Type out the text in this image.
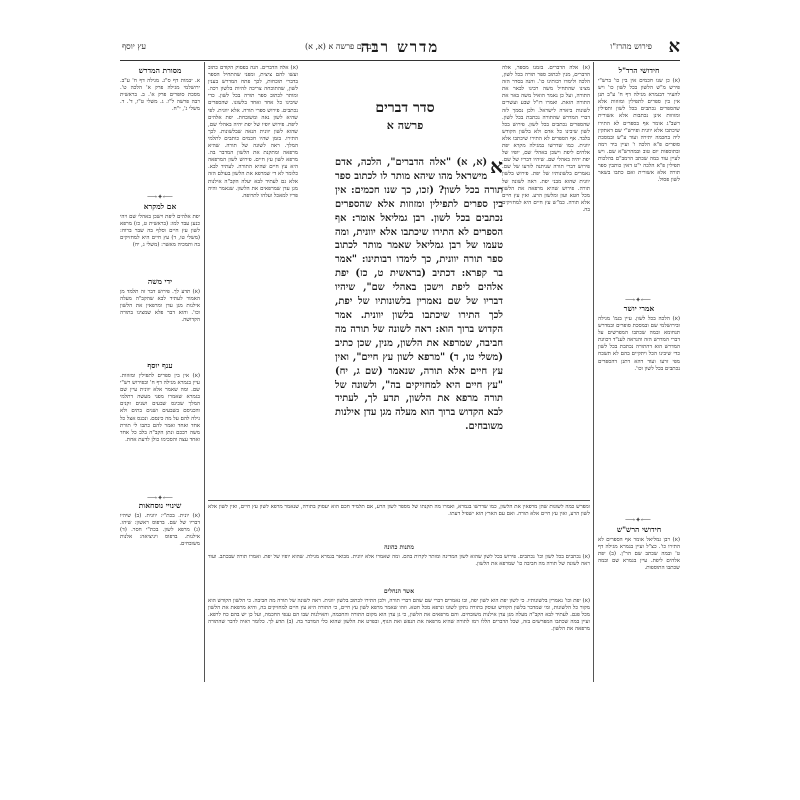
א
פירוש מהרז"ו
מדרש רבה
דברים פרשה א (א, א)
עץ יוסף
חידושי הרד"ל

(א) כן שנו חכמים אין בין כו' ברש"י פירש מ"ש הלשון בכל לשון כו' ויש להעיר דבגמרא מגילה דף ח' ע"ב תנן אין בין ספרים לתפילין ומזוזות אלא שהספרים נכתבים בכל לשון ותפילין ומזוזות אינן נכתבות אלא אשורית רשב"ג אומר אף בספרים לא התירו שיכתבו אלא יוונית ופירש"י שם דאתקין ליה בחכמה יתירה ועוד ע"ש ובמסכת סופרים פ"א הלכה ו' ועיין ביד רמה ובתוספות יום טוב ובמהרש"א שם. ויש לעיין עוד במה שכתב הרמב"ם בהלכות תפילין פ"א הלכה י"ט דאין כותבין ספר תורה אלא אשורית ואם כתבו בשאר לשון פסול.

אמרי יושר

(א) הלכה בכל לשון. עיין בגמ' מגילה ובירושלמי שם ובמסכת סופרים ובמדרש תנחומא ובמה שכתבו המפרשים על דברי המדרש הזה והנראה לענ"ד דכוונת המדרש הוא דהתורה נכתבת בכל לשון כדי שיבינו הכל ויתקיים בהם לא תשכח מפי זרעו ועוד דהא דתנן דהספרים נכתבים בכל לשון וכו'.

חידושי הרש"ש

(א) רבן גמליאל אומר אף הספרים לא התירו כו'. כצ"ל ועיין בגמרא מגילה דף ט' ובמה שכתב שם הר"ן. (ב) יפת אלהים ליפת. עיין בגמרא שם ובמה שכתבו התוספות.

(א) אלה הדברים. בזמנו מספר, אלה הדברים, מנין לכתוב ספר תורה בכל לשון, הלכה ולימדו רבותינו כו'. והנה בסדר הזה מצינו שהתחיל משה רבינו לבאר את התורה, ועל כן נאמר הואיל משה באר את התורה הזאת. ואמרו רז"ל שבע ועשרים לשונות ביארה לישראל. ולכן נסמך לזה דברי המדרש שהתורה נכתבת בכל לשון. שהספרים נכתבים בכל לשון. פירוש בכל לשון שיבינו כל אדם ולא בלשון הקודש בלבד. אף הספרים לא התירו שיכתבו אלא יוונית. כמו שדרשו במגילה מקרא יפת אלהים ליפת וישכן באהלי שם, יופיו של יפת יהיה באהלי שם. שיהיו דבריו של שם. פירוש דברי תורה שניתנה לזרעו של שם. נאמרים בלשונותיו של יפת. פירוש בלשון יוונית שהוא מבני יפת. ראה לשונה של תורה. פירוש שהיא מרפאה את הלשון מכל חטא ועון ומלשון הרע. ואין עץ חיים אלא תורה. כמ"ש עץ חיים היא למחזיקים בה.

סדר דברים
פרשה א
א
(א, א) "אלה הדברים", הלכה, אדם מישראל מהו שיהא מותר לו לכתוב ספר תורה בכל לשון? (זכו, כך שנו חכמים: אין בין ספרים לתפילין ומזוזות אלא שהספרים נכתבים בכל לשון. רבן גמליאל אומר: אף הספרים לא התירו שיכתבו אלא יוונית, ומה טעמו של רבן גמליאל שאמר מותר לכתוב ספר תורה יוונית, כך לימדו רבותינו: "אמר בר קפרא: דכתיב (בראשית ט, כז) יפת אלהים ליפת וישכן באהלי שם", שיהיו דבריו של שם נאמרין בלשונותיו של יפת, לכך התירו שיכתבו בלשון יוונית. אמר הקדוש ברוך הוא: ראה לשונה של תורה מה חביבה, שמרפא את הלשון, מנין, שכן כתיב (משלי טו, ד) "מרפא לשון עץ חיים", ואין עץ חיים אלא תורה, שנאמר (שם ג, יח) "עץ חיים היא למחזיקים בה", ולשונה של תורה מרפא את הלשון, תדע לך, לעתיד לבא הקדוש ברוך הוא מעלה מגן עדן אילנות משובחים.

(א) אלה הדברים. הנה בפסוק הקודם כתוב ועשו להם ציצית, ומפני שהתחיל הספר בדברי תוכחות, לכך פתח המדרש בענין לשון, שהתוכחה צריכה להיות בלשון רכה. ומותר לכתוב ספר תורה בכל לשון. כדי שיבינו כל אחד ואחד בלשונו. שהספרים נכתבים. פירוש ספרי תורה. אלא יוונית. לפי שהיא לשון נאה ומשובחת. יפת אלהים ליפת. פירוש יופיו של יפת יהיה באהלי שם, שהוא לשון יוונית הנאה שבלשונות. לכך התירו. בזמן שהיו חכמים כותבים לתלמי המלך. ראה לשונה של תורה. שהיא מרפאה ומתקנת את הלשון המדבר בה. מרפא לשון עץ חיים. פירוש לשון המרפאה היא עץ חיים שהיא התורה. לעתיד לבא. כלומר לא די שמרפא את הלשון בעולם הזה אלא גם לעתיד לבא יעלה הקב"ה אילנות מגן עדן שמרפאים את הלשון. שנאמר והיה פריו למאכל ועלהו לתרופה.

מסורת המדרש

א. יבמות דף ס"ג. מגילה דף ח' ע"ב. ירושלמי מגילה פרק א' הלכה ט'. מסכת סופרים פרק א'. ב. בראשית רבה פרשה ל"ו. ג. משלי ט"ו, ד'. ד. משלי ג', י"ח.

אם למקרא

יפת אלהים ליפת וישכן באהלי שם ויהי כנען עבד למו: (בראשית ט, כז) מרפא לשון עץ חיים וסלף בה שבר ברוח: (משלי טו, ד) עץ חיים היא למחזיקים בה ותמכיה מאשר: (משלי ג, יח)

ידי משה

(א) תדע לך. פירוש דבר זה תלמד מן האמור לעתיד לבא שהקב"ה מעלה אילנות מגן עדן ומרפאין את הלשון וכו'. והוא דבר פלא שמצינו בתורה הקדושה.

ענף יוסף

(א) אין בין ספרים לתפילין ומזוזות. עיין בגמרא מגילה דף ח' ובפירוש רש"י שם. ומה שאמר אלא יוונית עיין שם בגמרא שאמרו מפני מעשה דתלמי המלך שכינס שבעים ושנים זקנים והכניסם בשבעים ושנים בתים ולא גילה להם על מה כינסם. ונכנס אצל כל אחד ואחד ואמר להם כתבו לי תורת משה רבכם ונתן הקב"ה בלב כל אחד ואחד עצה והסכימו כולן לדעת אחת.

שינויי נוסחאות

(א) יונית. בכת"י: יוונית. (ב) שיהיו דבריו של שם. בדפוס ראשון: שיהו. (ג) מרפא לשון. בכת"י חסר. (ד) אילנות. בדפוס ויניציאה: אלנות משובחים.

ומפרש כמה לשונות שהן מרפאין את הלשון, כמו שדרשו בגמרא, ואמרו מה תקנתו של מספר לשון הרע, אם תלמיד חכם הוא יעסוק בתורה, שנאמר מרפא לשון עץ חיים, ואין לשון אלא לשון הרע, ואין עץ חיים אלא תורה. ואם עם הארץ הוא ישפיל דעתו.

מתנות כהונה

(א) נכתבים בכל לשון וכו' נכתבים. פירוש בכל לשון שהוא לשון המדינה ומותר לקרות בהם. ומה שאמרו אלא יוונית. מבואר בגמרא מגילה. שהוא יופיו של יפת. ואמרו תורה שבכתב. ועוד ראה לשונה של תורה מה חביבה כו' שמרפא את הלשון.

אשד הנחלים

(א) יפת וכו' נאמרין בלשונותיו. כי לשון יפת הוא לשון יפה, ובו נאמרים דברי שם שהם דברי תורה, ולכן התירו לכתוב בלשון יוונית. ראה לשונה של תורה מה חביבה. כי הלשון הקודש הוא מקור כל הלשונות, ומי שמדבר בלשון הקודש ועוסק בתורה נתקן לשונו ונרפא מכל חטא. וזהו שאמר מרפא לשון עץ חיים, כי התורה היא עץ חיים למחזיקים בה, והיא מרפאת את הלשון מכל פגם. לעתיד לבא הקב"ה מעלה מגן עדן אילנות משובחים. והם מרפאים את הלשון, כי גן עדן הוא מקום התורה והחכמה, והאילנות שבו הם ענפי החכמה, ועל כן יש בהם כח לרפא. ועיין במה שכתבו המפרשים בזה, שכל הדברים הללו רמז לתורה שהיא מרפאה את הנפש ואת הגוף, ובפרט את הלשון שהוא כלי המדבר בה. (ב) תדע לך. כלומר ראיה לדבר שהתורה מרפאה את הלשון.

⟵✦⟶
⟵✦⟶
⟵✦⟶
⟵✦⟶
